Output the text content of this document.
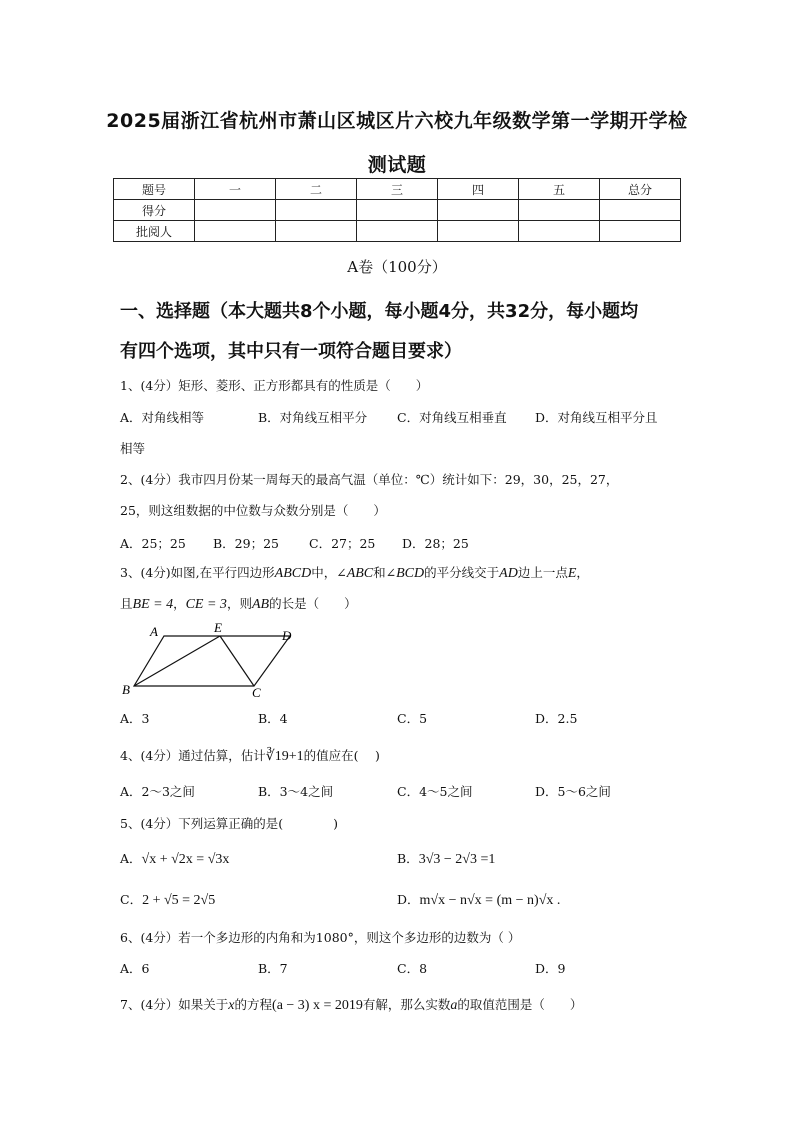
2025届浙江省杭州市萧山区城区片六校九年级数学第一学期开学检
测试题
题号	一	二	三	四	五	总分
得分						
批阅人						
A卷（100分）
一、选择题（本大题共8个小题，每小题4分，共32分，每小题均
有四个选项，其中只有一项符合题目要求）
1、(4分）矩形、菱形、正方形都具有的性质是（　　）
A．对角线相等	B．对角线互相平分 C．对角线互相垂直 D．对角线互相平分且
相等
2、(4分）我市四月份某一周每天的最高气温（单位：℃）统计如下：29，30，25，27，
25，则这组数据的中位数与众数分别是（　　）
A．25；25 B．29；25 C．27；25 D．28；25
3、(4分)如图,在平行四边形ABCD中，∠ABC和∠BCD的平分线交于AD边上一点E，
且BE = 4，CE = 3，则AB的长是（　　）
A	E
D
B	C
A．3	B．4	C．5	D．2.5
4、(4分）通过估算，估计∛19+1的值应在(　 )
A．2～3之间	B．3～4之间	C．4～5之间	D．5～6之间
5、(4分）下列运算正确的是(　　　　)
A．√x + √2x = √3x	B．3√3 − 2√3 =1
C．2 + √5 = 2√5	D．m√x − n√x = (m − n)√x .
6、(4分）若一个多边形的内角和为1080°，则这个多边形的边数为（ ）
A．6	B．7	C．8	D．9
7、(4分）如果关于x的方程(a − 3) x = 2019有解，那么实数a的取值范围是（　　）
